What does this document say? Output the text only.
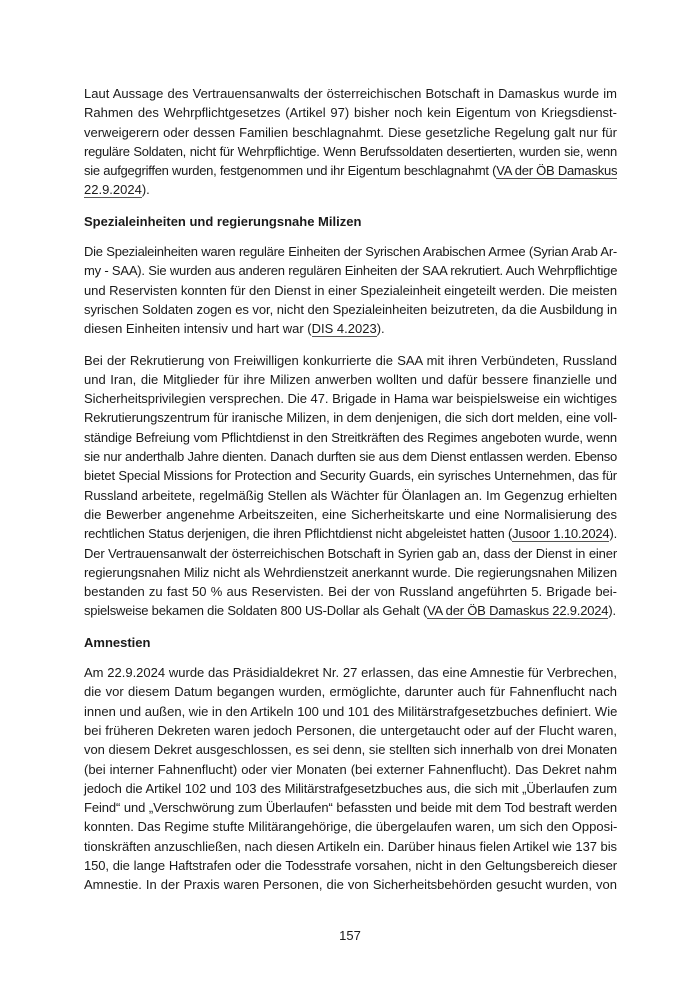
Laut Aussage des Vertrauensanwalts der österreichischen Botschaft in Damaskus wurde im
Rahmen des Wehrpflichtgesetzes (Artikel 97) bisher noch kein Eigentum von Kriegsdienst-
verweigerern oder dessen Familien beschlagnahmt. Diese gesetzliche Regelung galt nur für
reguläre Soldaten, nicht für Wehrpflichtige. Wenn Berufssoldaten desertierten, wurden sie, wenn
sie aufgegriffen wurden, festgenommen und ihr Eigentum beschlagnahmt (VA der ÖB Damaskus
22.9.2024).
Spezialeinheiten und regierungsnahe Milizen
Die Spezialeinheiten waren reguläre Einheiten der Syrischen Arabischen Armee (Syrian Arab Ar-
my - SAA). Sie wurden aus anderen regulären Einheiten der SAA rekrutiert. Auch Wehrpflichtige
und Reservisten konnten für den Dienst in einer Spezialeinheit eingeteilt werden. Die meisten
syrischen Soldaten zogen es vor, nicht den Spezialeinheiten beizutreten, da die Ausbildung in
diesen Einheiten intensiv und hart war (DIS 4.2023).
Bei der Rekrutierung von Freiwilligen konkurrierte die SAA mit ihren Verbündeten, Russland
und Iran, die Mitglieder für ihre Milizen anwerben wollten und dafür bessere finanzielle und
Sicherheitsprivilegien versprechen. Die 47. Brigade in Hama war beispielsweise ein wichtiges
Rekrutierungszentrum für iranische Milizen, in dem denjenigen, die sich dort melden, eine voll-
ständige Befreiung vom Pflichtdienst in den Streitkräften des Regimes angeboten wurde, wenn
sie nur anderthalb Jahre dienten. Danach durften sie aus dem Dienst entlassen werden. Ebenso
bietet Special Missions for Protection and Security Guards, ein syrisches Unternehmen, das für
Russland arbeitete, regelmäßig Stellen als Wächter für Ölanlagen an. Im Gegenzug erhielten
die Bewerber angenehme Arbeitszeiten, eine Sicherheitskarte und eine Normalisierung des
rechtlichen Status derjenigen, die ihren Pflichtdienst nicht abgeleistet hatten (Jusoor 1.10.2024).
Der Vertrauensanwalt der österreichischen Botschaft in Syrien gab an, dass der Dienst in einer
regierungsnahen Miliz nicht als Wehrdienstzeit anerkannt wurde. Die regierungsnahen Milizen
bestanden zu fast 50 % aus Reservisten. Bei der von Russland angeführten 5. Brigade bei-
spielsweise bekamen die Soldaten 800 US-Dollar als Gehalt (VA der ÖB Damaskus 22.9.2024).
Amnestien
Am 22.9.2024 wurde das Präsidialdekret Nr. 27 erlassen, das eine Amnestie für Verbrechen,
die vor diesem Datum begangen wurden, ermöglichte, darunter auch für Fahnenflucht nach
innen und außen, wie in den Artikeln 100 und 101 des Militärstrafgesetzbuches definiert. Wie
bei früheren Dekreten waren jedoch Personen, die untergetaucht oder auf der Flucht waren,
von diesem Dekret ausgeschlossen, es sei denn, sie stellten sich innerhalb von drei Monaten
(bei interner Fahnenflucht) oder vier Monaten (bei externer Fahnenflucht). Das Dekret nahm
jedoch die Artikel 102 und 103 des Militärstrafgesetzbuches aus, die sich mit „Überlaufen zum
Feind“ und „Verschwörung zum Überlaufen“ befassten und beide mit dem Tod bestraft werden
konnten. Das Regime stufte Militärangehörige, die übergelaufen waren, um sich den Opposi-
tionskräften anzuschließen, nach diesen Artikeln ein. Darüber hinaus fielen Artikel wie 137 bis
150, die lange Haftstrafen oder die Todesstrafe vorsahen, nicht in den Geltungsbereich dieser
Amnestie. In der Praxis waren Personen, die von Sicherheitsbehörden gesucht wurden, von
157
